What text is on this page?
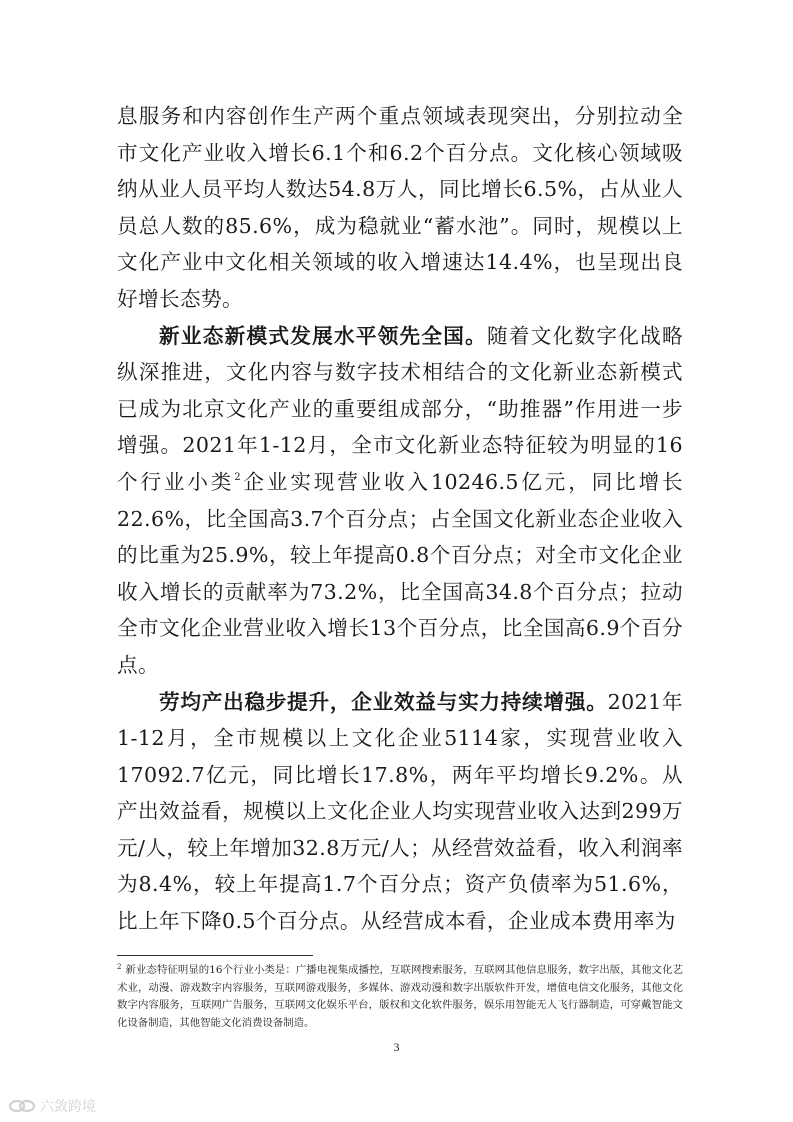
息服务和内容创作生产两个重点领域表现突出，分别拉动全市文化产业收入增长6.1个和6.2个百分点。文化核心领域吸纳从业人员平均人数达54.8万人，同比增长6.5%，占从业人员总人数的85.6%，成为稳就业“蓄水池”。同时，规模以上文化产业中文化相关领域的收入增速达14.4%，也呈现出良好增长态势。

新业态新模式发展水平领先全国。随着文化数字化战略纵深推进，文化内容与数字技术相结合的文化新业态新模式已成为北京文化产业的重要组成部分，“助推器”作用进一步增强。2021年1-12月，全市文化新业态特征较为明显的16个行业小类$^2$企业实现营业收入10246.5亿元，同比增长22.6%，比全国高3.7个百分点；占全国文化新业态企业收入的比重为25.9%，较上年提高0.8个百分点；对全市文化企业收入增长的贡献率为73.2%，比全国高34.8个百分点；拉动全市文化企业营业收入增长13个百分点，比全国高6.9个百分点。

劳均产出稳步提升，企业效益与实力持续增强。2021年1-12月，全市规模以上文化企业5114家，实现营业收入17092.7亿元，同比增长17.8%，两年平均增长9.2%。从产出效益看，规模以上文化企业人均实现营业收入达到299万元/人，较上年增加32.8万元/人；从经营效益看，收入利润率为8.4%，较上年提高1.7个百分点；资产负债率为51.6%，比上年下降0.5个百分点。从经营成本看，企业成本费用率为

$^2$ 新业态特征明显的16个行业小类是：广播电视集成播控，互联网搜索服务，互联网其他信息服务，数字出版，其他文化艺术业，动漫、游戏数字内容服务，互联网游戏服务，多媒体、游戏动漫和数字出版软件开发，增值电信文化服务，其他文化数字内容服务，互联网广告服务，互联网文化娱乐平台，版权和文化软件服务，娱乐用智能无人飞行器制造，可穿戴智能文化设备制造，其他智能文化消费设备制造。
3
六敛跨境
